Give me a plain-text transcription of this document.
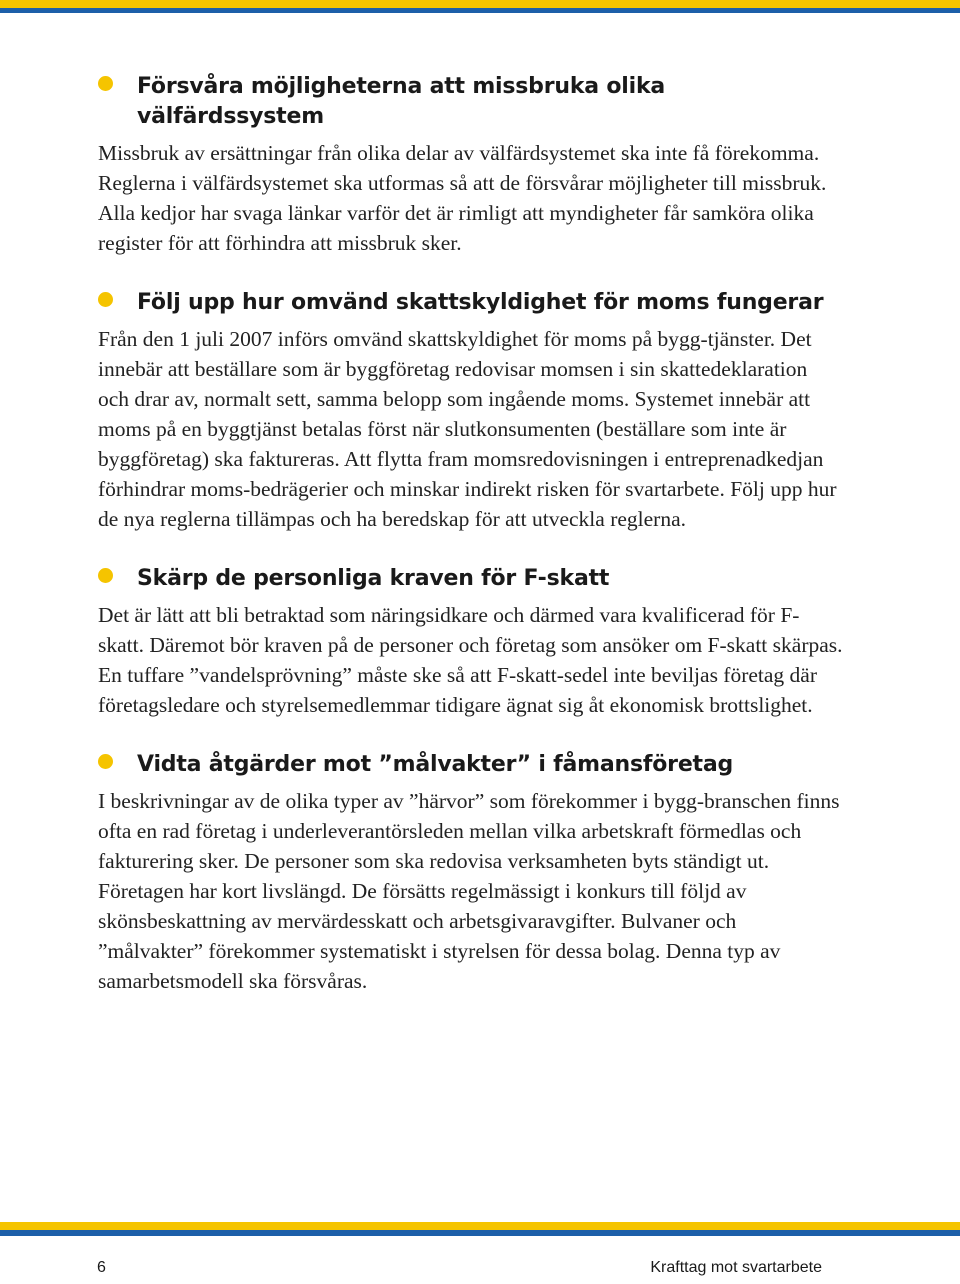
Försvåra möjligheterna att missbruka olika välfärdssystem

Missbruk av ersättningar från olika delar av välfärdsystemet ska inte få förekomma. Reglerna i välfärdsystemet ska utformas så att de försvårar möjligheter till missbruk. Alla kedjor har svaga länkar varför det är rimligt att myndigheter får samköra olika register för att förhindra att missbruk sker.

Följ upp hur omvänd skattskyldighet för moms fungerar

Från den 1 juli 2007 införs omvänd skattskyldighet för moms på bygg-tjänster. Det innebär att beställare som är byggföretag redovisar momsen i sin skattedeklaration och drar av, normalt sett, samma belopp som ingående moms. Systemet innebär att moms på en byggtjänst betalas först när slutkonsumenten (beställare som inte är byggföretag) ska faktureras. Att flytta fram momsredovisningen i entreprenadkedjan förhindrar moms-bedrägerier och minskar indirekt risken för svartarbete. Följ upp hur de nya reglerna tillämpas och ha beredskap för att utveckla reglerna.

Skärp de personliga kraven för F-skatt

Det är lätt att bli betraktad som näringsidkare och därmed vara kvalificerad för F-skatt. Däremot bör kraven på de personer och företag som ansöker om F-skatt skärpas. En tuffare ”vandelsprövning” måste ske så att F-skatt-sedel inte beviljas företag där företagsledare och styrelsemedlemmar tidigare ägnat sig åt ekonomisk brottslighet.

Vidta åtgärder mot ”målvakter” i fåmansföretag

I beskrivningar av de olika typer av ”härvor” som förekommer i bygg-branschen finns ofta en rad företag i underleverantörsleden mellan vilka arbetskraft förmedlas och fakturering sker. De personer som ska redovisa verksamheten byts ständigt ut. Företagen har kort livslängd. De försätts regelmässigt i konkurs till följd av skönsbeskattning av mervärdesskatt och arbetsgivaravgifter. Bulvaner och ”målvakter” förekommer systematiskt i styrelsen för dessa bolag. Denna typ av samarbetsmodell ska försvåras.

6	Krafttag mot svartarbete
